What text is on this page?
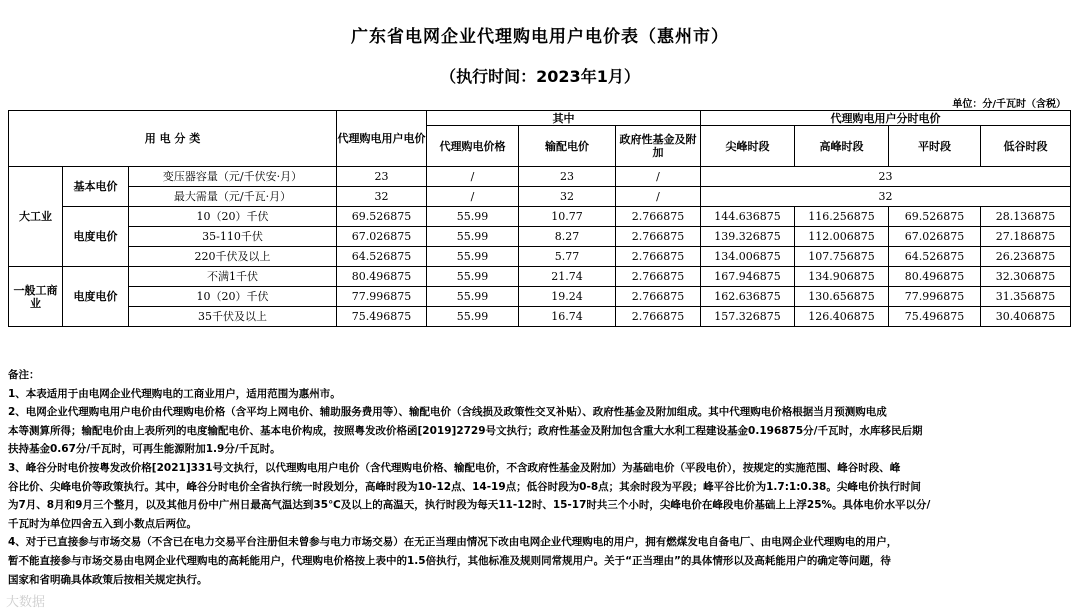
广东省电网企业代理购电用户电价表（惠州市）
（执行时间：2023年1月）
单位：分/千瓦时（含税）
用 电 分 类			代理购电用户电价	其中			代理购电用户分时电价			
				代理购电价格	输配电价	政府性基金及附加	尖峰时段	高峰时段	平时段	低谷时段
大工业	基本电价	变压器容量（元/千伏安·月）	23	/	23	/	23			
		最大需量（元/千瓦·月）	32	/	32	/	32			
	电度电价	10（20）千伏	69.526875	55.99	10.77	2.766875	144.636875	116.256875	69.526875	28.136875
		35-110千伏	67.026875	55.99	8.27	2.766875	139.326875	112.006875	67.026875	27.186875
		220千伏及以上	64.526875	55.99	5.77	2.766875	134.006875	107.756875	64.526875	26.236875
一般工商业	电度电价	不满1千伏	80.496875	55.99	21.74	2.766875	167.946875	134.906875	80.496875	32.306875
		10（20）千伏	77.996875	55.99	19.24	2.766875	162.636875	130.656875	77.996875	31.356875
		35千伏及以上	75.496875	55.99	16.74	2.766875	157.326875	126.406875	75.496875	30.406875

备注：

1、本表适用于由电网企业代理购电的工商业用户，适用范围为惠州市。

2、电网企业代理购电用户电价由代理购电价格（含平均上网电价、辅助服务费用等）、输配电价（含线损及政策性交叉补贴）、政府性基金及附加组成。其中代理购电价格根据当月预测购电成

本等测算所得；输配电价由上表所列的电度输配电价、基本电价构成，按照粤发改价格函[2019]2729号文执行；政府性基金及附加包含重大水利工程建设基金0.196875分/千瓦时，水库移民后期

扶持基金0.67分/千瓦时，可再生能源附加1.9分/千瓦时。

3、峰谷分时电价按粤发改价格[2021]331号文执行，以代理购电用户电价（含代理购电价格、输配电价，不含政府性基金及附加）为基础电价（平段电价），按规定的实施范围、峰谷时段、峰

谷比价、尖峰电价等政策执行。其中，峰谷分时电价全省执行统一时段划分，高峰时段为10-12点、14-19点；低谷时段为0-8点；其余时段为平段；峰平谷比价为1.7:1:0.38。尖峰电价执行时间

为7月、8月和9月三个整月，以及其他月份中广州日最高气温达到35℃及以上的高温天，执行时段为每天11-12时、15-17时共三个小时，尖峰电价在峰段电价基础上上浮25%。具体电价水平以分/

千瓦时为单位四舍五入到小数点后两位。

4、对于已直接参与市场交易（不含已在电力交易平台注册但未曾参与电力市场交易）在无正当理由情况下改由电网企业代理购电的用户，拥有燃煤发电自备电厂、由电网企业代理购电的用户，

暂不能直接参与市场交易由电网企业代理购电的高耗能用户，代理购电价格按上表中的1.5倍执行，其他标准及规则同常规用户。关于“正当理由”的具体情形以及高耗能用户的确定等问题，待

国家和省明确具体政策后按相关规定执行。

大数据
